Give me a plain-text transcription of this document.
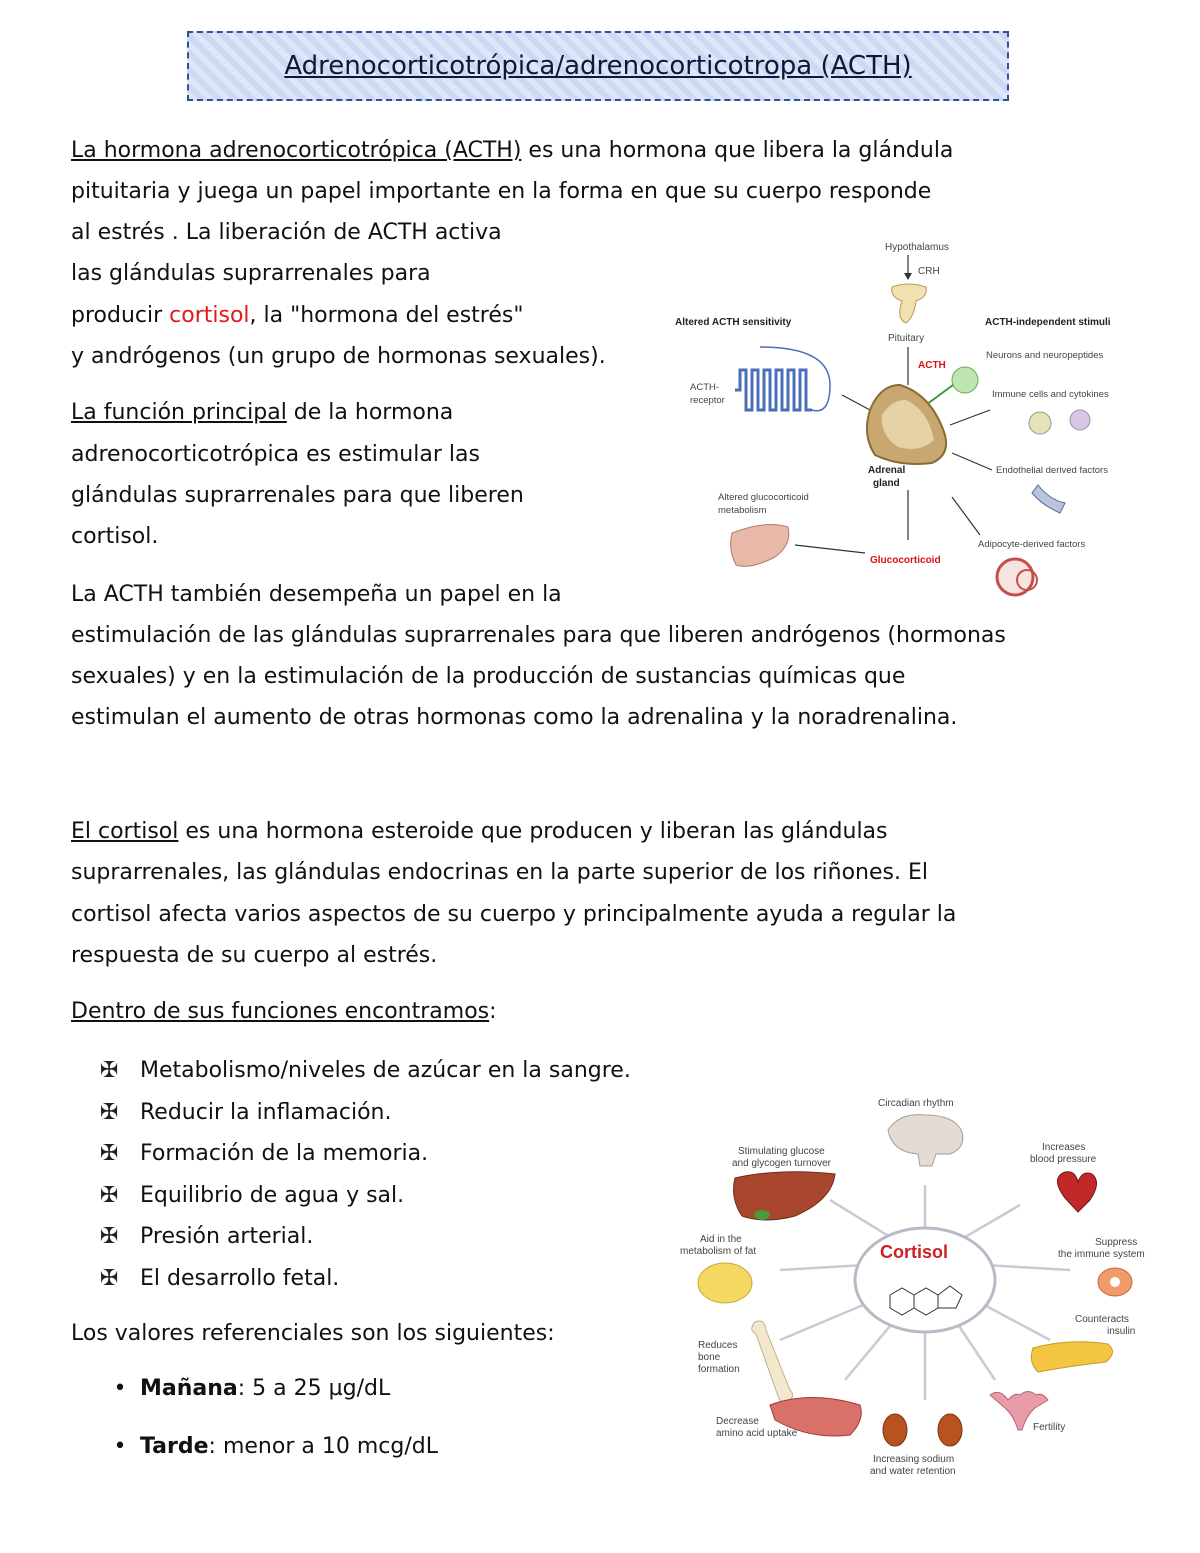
Adrenocorticotrópica/adrenocorticotropa (ACTH)
La hormona adrenocorticotrópica (ACTH) es una hormona que libera la glándula
pituitaria y juega un papel importante en la forma en que su cuerpo responde
al estrés . La liberación de ACTH activa
las glándulas suprarrenales para
producir cortisol, la "hormona del estrés"
y andrógenos (un grupo de hormonas sexuales).
La función principal de la hormona
adrenocorticotrópica es estimular las
glándulas suprarrenales para que liberen
cortisol.
La ACTH también desempeña un papel en la
estimulación de las glándulas suprarrenales para que liberen andrógenos (hormonas
sexuales) y en la estimulación de la producción de sustancias químicas que
estimulan el aumento de otras hormonas como la adrenalina y la noradrenalina.
El cortisol es una hormona esteroide que producen y liberan las glándulas
suprarrenales, las glándulas endocrinas en la parte superior de los riñones. El
cortisol afecta varios aspectos de su cuerpo y principalmente ayuda a regular la
respuesta de su cuerpo al estrés.
Dentro de sus funciones encontramos:
✠ Metabolismo/niveles de azúcar en la sangre.
✠ Reducir la inflamación.
✠ Formación de la memoria.
✠ Equilibrio de agua y sal.
✠ Presión arterial.
✠ El desarrollo fetal.
Los valores referenciales son los siguientes:
• Mañana: 5 a 25 µg/dL
• Tarde: menor a 10 mcg/dL
Hypothalamus
CRH
Pituitary
Altered ACTH sensitivity	ACTH-independent stimuli
ACTH
Neurons and neuropeptides
ACTH-
receptor
Adrenal
gland
Immune cells and cytokines
Endothelial derived factors
Altered glucocorticoid
metabolism
Glucocorticoid
Adipocyte-derived factors
Cortisol
Circadian rhythm
Stimulating glucose
and glycogen turnover
Increases
blood pressure
Aid in the
metabolism of fat
Suppress
the immune system
Counteracts
insulin
Reduces
bone
formation
Decrease
amino acid uptake
Increasing sodium
and water retention
Fertility
